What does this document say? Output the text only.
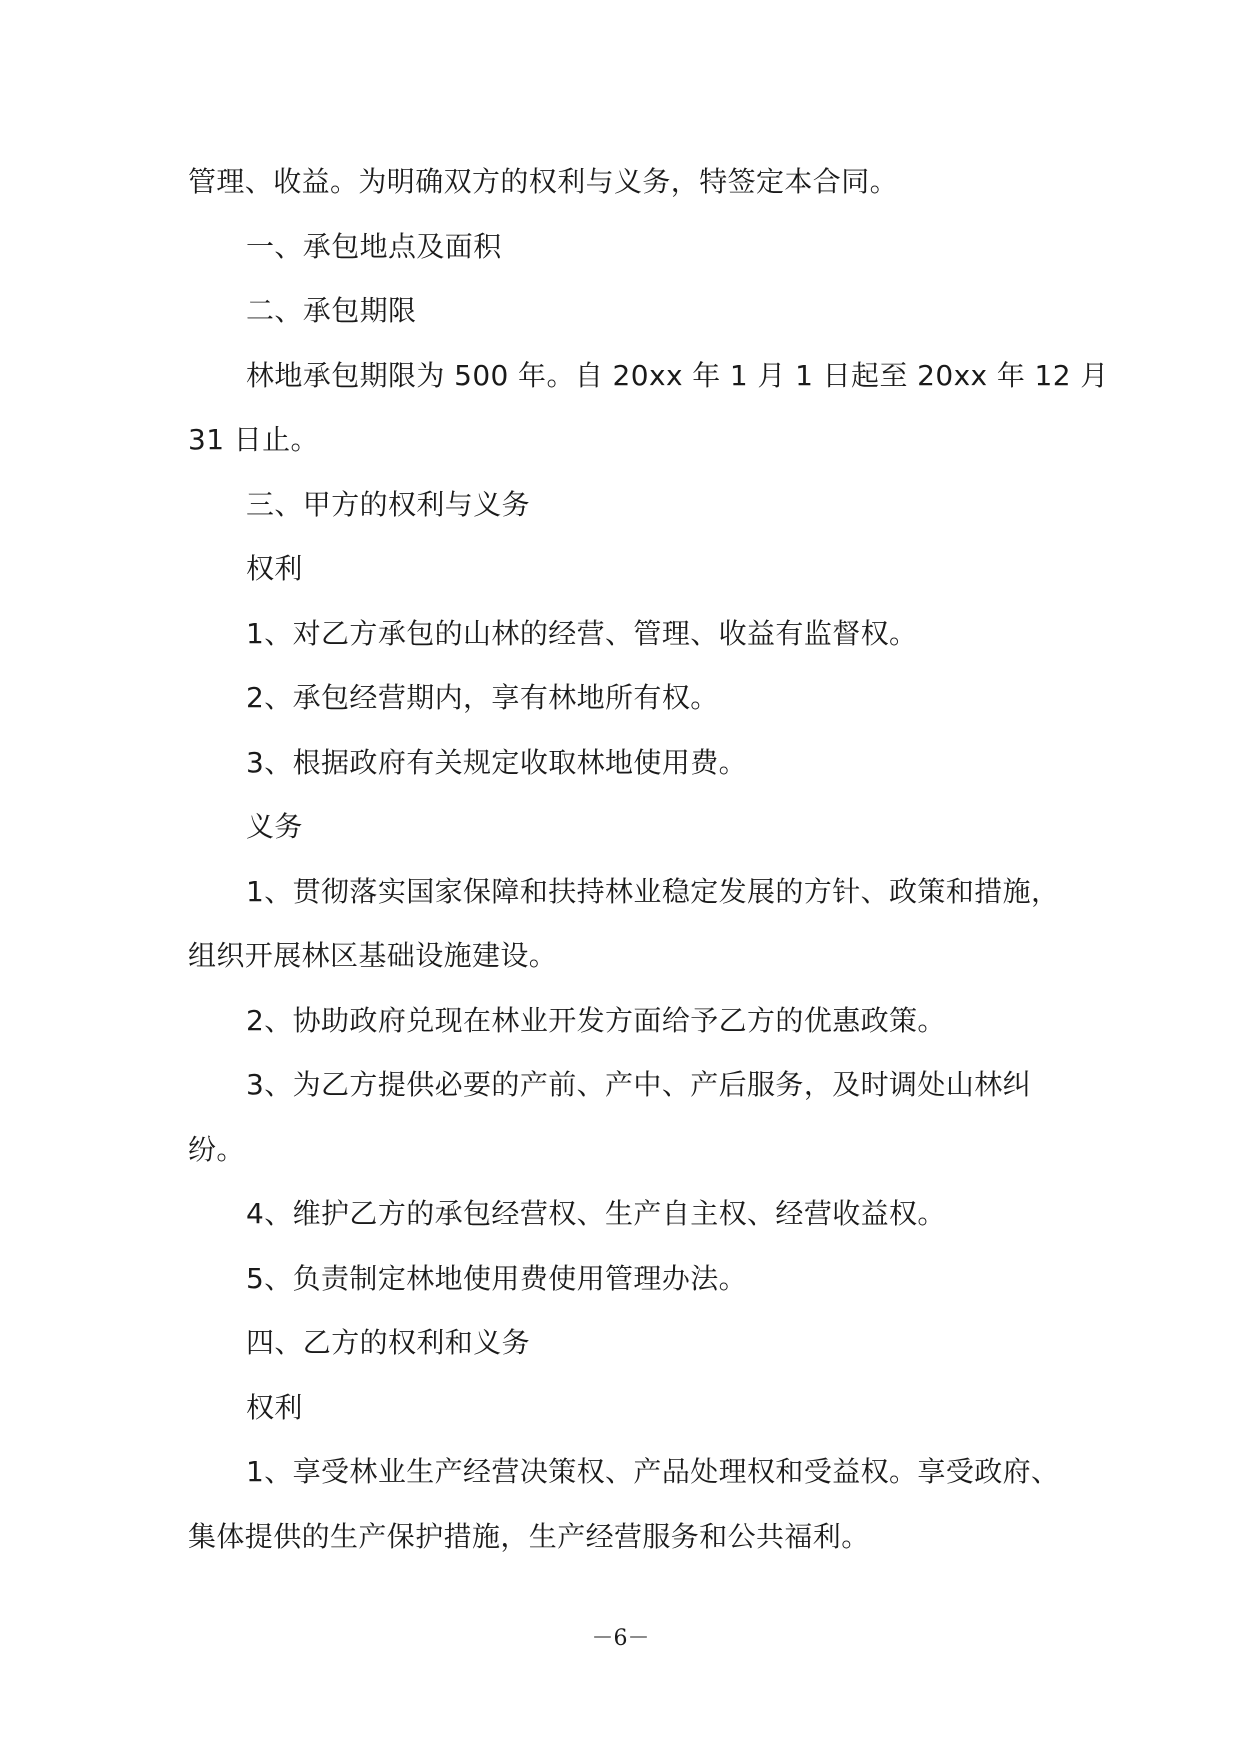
管理、收益。为明确双方的权利与义务，特签定本合同。

一、承包地点及面积

二、承包期限

林地承包期限为 500 年。自 20xx 年 1 月 1 日起至 20xx 年 12 月

31 日止。

三、甲方的权利与义务

权利

1、对乙方承包的山林的经营、管理、收益有监督权。

2、承包经营期内，享有林地所有权。

3、根据政府有关规定收取林地使用费。

义务

1、贯彻落实国家保障和扶持林业稳定发展的方针、政策和措施，

组织开展林区基础设施建设。

2、协助政府兑现在林业开发方面给予乙方的优惠政策。

3、为乙方提供必要的产前、产中、产后服务，及时调处山林纠

纷。

4、维护乙方的承包经营权、生产自主权、经营收益权。

5、负责制定林地使用费使用管理办法。

四、乙方的权利和义务

权利

1、享受林业生产经营决策权、产品处理权和受益权。享受政府、

集体提供的生产保护措施，生产经营服务和公共福利。

－6－
